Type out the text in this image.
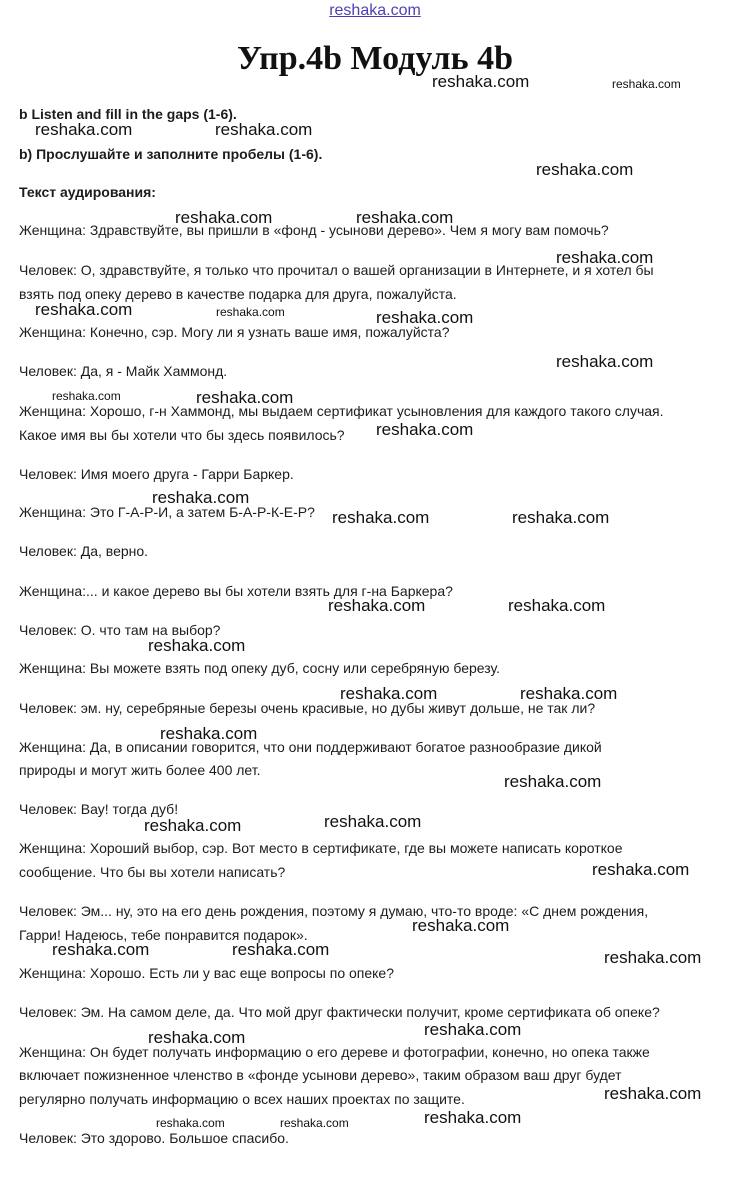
reshaka.com
Упр.4b Модуль 4b
b Listen and fill in the gaps (1-6).
b) Прослушайте и заполните пробелы (1-6).
Текст аудирования:
Женщина: Здравствуйте, вы пришли в «фонд - усынови дерево». Чем я могу вам помочь?
Человек: О, здравствуйте, я только что прочитал о вашей организации в Интернете, и я хотел бы
взять под опеку дерево в качестве подарка для друга, пожалуйста.
Женщина: Конечно, сэр. Могу ли я узнать ваше имя, пожалуйста?
Человек: Да, я - Майк Хаммонд.
Женщина: Хорошо, г-н Хаммонд, мы выдаем сертификат усыновления для каждого такого случая.
Какое имя вы бы хотели что бы здесь появилось?
Человек: Имя моего друга - Гарри Баркер.
Женщина: Это Г-А-Р-И, а затем Б-А-Р-К-Е-Р?
Человек: Да, верно.
Женщина:... и какое дерево вы бы хотели взять для г-на Баркера?
Человек: О. что там на выбор?
Женщина: Вы можете взять под опеку дуб, сосну или серебряную березу.
Человек: эм. ну, серебряные березы очень красивые, но дубы живут дольше, не так ли?
Женщина: Да, в описании говорится, что они поддерживают богатое разнообразие дикой
природы и могут жить более 400 лет.
Человек: Вау! тогда дуб!
Женщина: Хороший выбор, сэр. Вот место в сертификате, где вы можете написать короткое
сообщение. Что бы вы хотели написать?
Человек: Эм... ну, это на его день рождения, поэтому я думаю, что-то вроде: «С днем рождения,
Гарри! Надеюсь, тебе понравится подарок».
Женщина: Хорошо. Есть ли у вас еще вопросы по опеке?
Человек: Эм. На самом деле, да. Что мой друг фактически получит, кроме сертификата об опеке?
Женщина: Он будет получать информацию о его дереве и фотографии, конечно, но опека также
включает пожизненное членство в «фонде усынови дерево», таким образом ваш друг будет
регулярно получать информацию о всех наших проектах по защите.
Человек: Это здорово. Большое спасибо.
reshaka.com	reshaka.com
reshaka.com	reshaka.com
reshaka.com
reshaka.com	reshaka.com
reshaka.com
reshaka.com	reshaka.com	reshaka.com
reshaka.com
reshaka.com	reshaka.com
reshaka.com
reshaka.com
reshaka.com	reshaka.com
reshaka.com	reshaka.com
reshaka.com
reshaka.com	reshaka.com
reshaka.com
reshaka.com
reshaka.com
reshaka.com
reshaka.com
reshaka.com
reshaka.com	reshaka.com	reshaka.com
reshaka.com
reshaka.com
reshaka.com
reshaka.com
reshaka.com	reshaka.com
